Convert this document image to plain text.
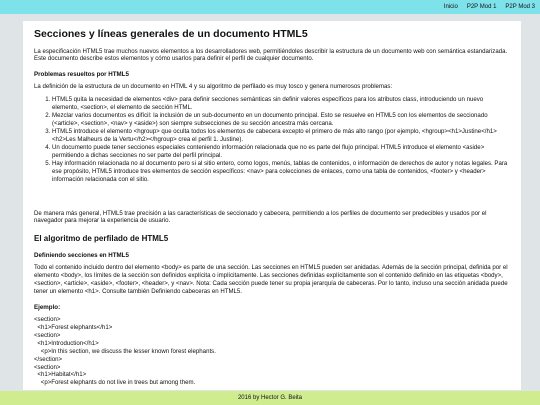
Inicio P2P Mod 1 P2P Mod 3
Secciones y líneas generales de un documento HTML5

La especificación HTML5 trae muchos nuevos elementos a los desarrolladores web, permitiéndoles describir la estructura de un documento web con semántica estandarizada. Este documento describe estos elementos y cómo usarlos para definir el perfil de cualquier documento.

Problemas resueltos por HTML5

La definición de la estructura de un documento en HTML 4 y su algoritmo de perfilado es muy tosco y genera numerosos problemas:

1. HTML5 quita la necesidad de elementos <div> para definir secciones semánticas sin definir valores específicos para los atributos class, introduciendo un nuevo elemento, <section>, el elemento de sección HTML.
2. Mezclar varios documentos es difícil: la inclusión de un sub-documento en un documento principal. Esto se resuelve en HTML5 con los elementos de seccionado (<article>, <section>, <nav> y <aside>) son siempre subsecciones de su sección ancestra más cercana.
3. HTML5 introduce el elemento <hgroup> que oculta todos los elementos de cabecera excepto el primero de más alto rango (por ejemplo, <hgroup><h1>Justine</h1><h2>Les Malheurs de la Vertu</h2></hgroup> crea el perfil 1. Justine).
4. Un documento puede tener secciones especiales conteniendo información relacionada que no es parte del flujo principal. HTML5 introduce el elemento <aside> permitiendo a dichas secciones no ser parte del perfil principal.
5. Hay información relacionada no al documento pero si al sitio entero, como logos, menús, tablas de contenidos, o información de derechos de autor y notas legales. Para ese propósito, HTML5 introduce tres elementos de sección específicos: <nav> para colecciones de enlaces, como una tabla de contenidos, <footer> y <header> información relacionada con el sitio.

De manera más general, HTML5 trae precisión a las características de seccionado y cabecera, permitiendo a los perfiles de documento ser predecibles y usados por el navegador para mejorar la experiencia de usuario.

El algoritmo de perfilado de HTML5
Definiendo secciones en HTML5

Todo el contenido incluido dentro del elemento <body> es parte de una sección. Las secciones en HTML5 pueden ser anidadas. Además de la sección principal, definida por el elemento <body>, los límites de la sección son definidos explícita o implícitamente. Las secciones definidas explícitamente son el contenido definido en las etiquetas <body>, <section>, <article>, <aside>, <footer>, <header>, y <nav>. Nota: Cada sección puede tener su propia jerarquía de cabeceras. Por lo tanto, incluso una sección anidada puede tener un elemento <h1>. Consulte también Definiendo cabeceras en HTML5.

Ejemplo:
<section>
<h1>Forest elephants</h1>
<section>
<h1>Introduction</h1>
<p>In this section, we discuss the lesser known forest elephants.
</section>
<section>
<h1>Habitat</h1>
<p>Forest elephants do not live in trees but among them.
2016 by Hector G. Beita
